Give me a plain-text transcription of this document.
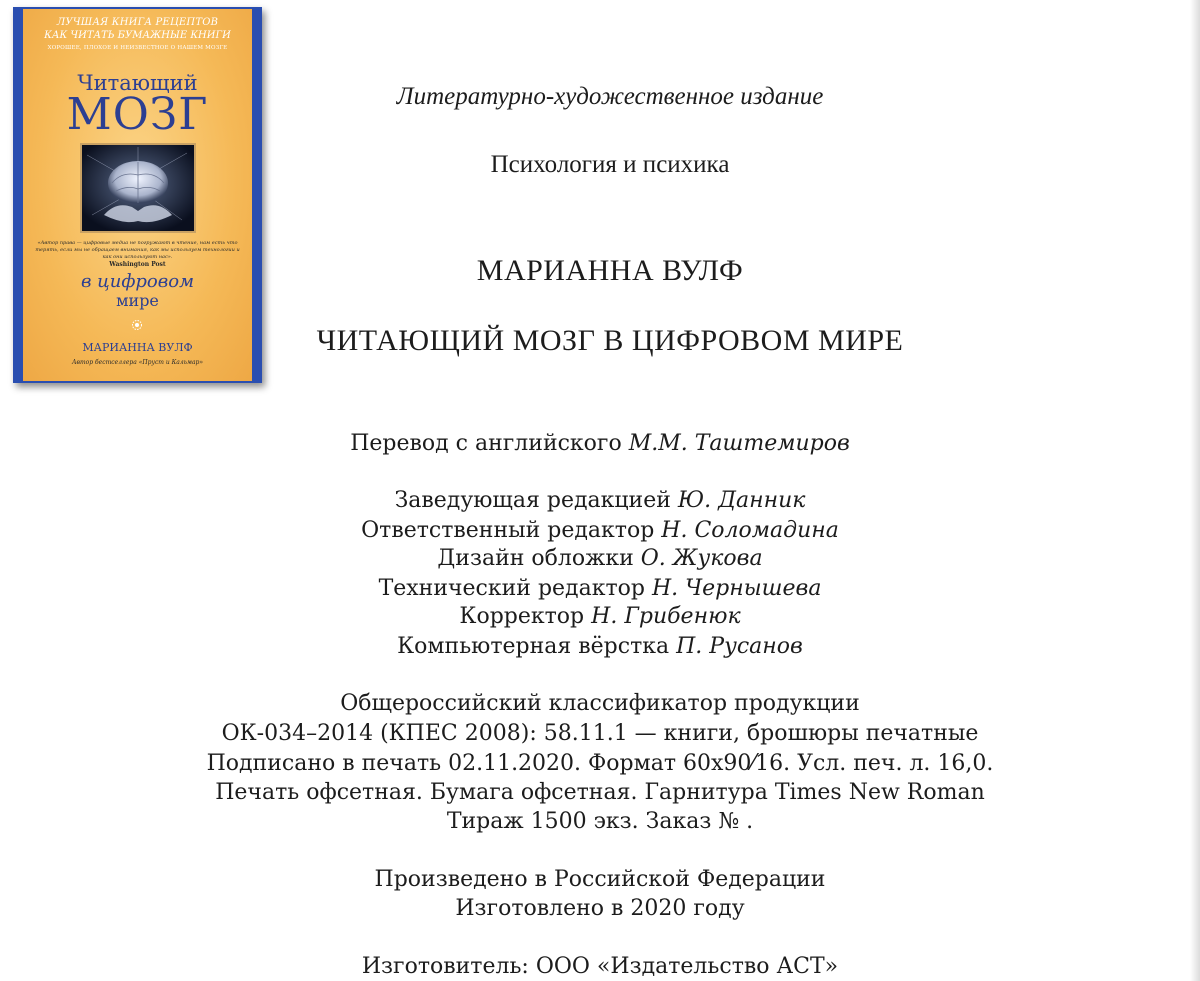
ЛУЧШАЯ КНИГА РЕЦЕПТОВ
КАК ЧИТАТЬ БУМАЖНЫЕ КНИГИ
ХОРОШЕЕ, ПЛОХОЕ И НЕИЗВЕСТНОЕ О НАШЕМ МОЗГЕ
Читающий
МОЗГ
«Автор права — цифровые медиа не погружают в чтение, нам есть что терять, если мы не обращаем внимания, как мы используем технологии и как они используют нас».
Washington Post
в цифровом
мире
МАРИАННА ВУЛФ
Автор бестселлера «Пруст и Кальмар»
Литературно-художественное издание
Психология и психика
МАРИАННА ВУЛФ
ЧИТАЮЩИЙ МОЗГ В ЦИФРОВОМ МИРЕ
Перевод с английского М.М. Таштемиров
Заведующая редакцией Ю. Данник
Ответственный редактор Н. Соломадина
Дизайн обложки О. Жукова
Технический редактор Н. Чернышева
Корректор Н. Грибенюк
Компьютерная вёрстка П. Русанов
Общероссийский классификатор продукции
ОК-034–2014 (КПЕС 2008): 58.11.1 — книги, брошюры печатные
Подписано в печать 02.11.2020. Формат 60x90⁄16. Усл. печ. л. 16,0.
Печать офсетная. Бумага офсетная. Гарнитура Times New Roman
Тираж 1500 экз. Заказ № .
Произведено в Российской Федерации
Изготовлено в 2020 году
Изготовитель: ООО «Издательство АСТ»
